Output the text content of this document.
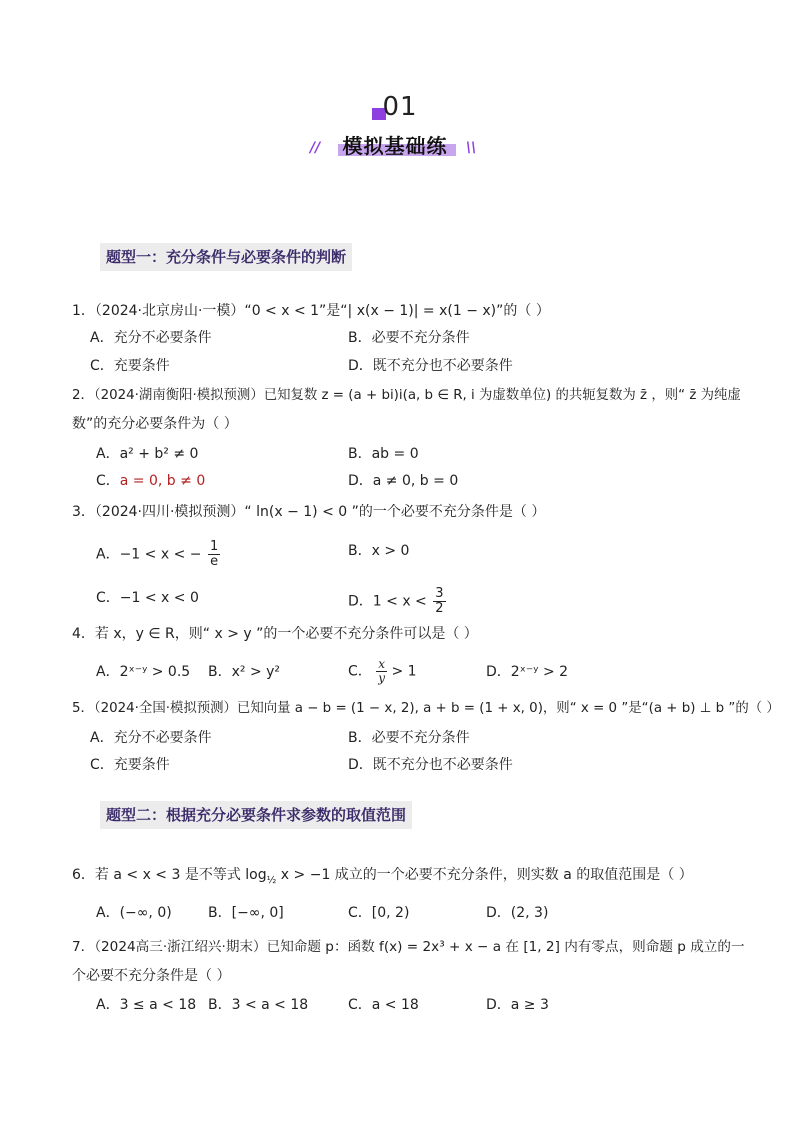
01
//	模拟基础练	\\
题型一：充分条件与必要条件的判断
1．（2024·北京房山·一模）“0 < x < 1”是“| x(x − 1)| = x(1 − x)”的（ ）
A．充分不必要条件	B．必要不充分条件
C．充要条件	D．既不充分也不必要条件
2．（2024·湖南衡阳·模拟预测）已知复数 z = (a + bi)i(a, b ∈ R, i 为虚数单位) 的共轭复数为 z̄ ，则“ z̄ 为纯虚
数”的充分必要条件为（ ）
A．a² + b² ≠ 0	B．ab = 0
C．a = 0, b ≠ 0	D．a ≠ 0, b = 0
3．（2024·四川·模拟预测）“ ln(x − 1) < 0 ”的一个必要不充分条件是（ ）
A．−1 < x < − $\frac{1}{e}$	B．x > 0
C．−1 < x < 0	D．$1 < x < \frac{3}{2}$
4．若 x，y ∈ R，则“ x > y ”的一个必要不充分条件可以是（ ）
A．2ˣ⁻ʸ > 0.5 B．x² > y²	C． $\frac{x}{y} > 1$	D．2ˣ⁻ʸ > 2
5．（2024·全国·模拟预测）已知向量 a − b = (1 − x, 2), a + b = (1 + x, 0)，则“ x = 0 ”是“(a + b) ⊥ b ”的（ ）
A．充分不必要条件	B．必要不充分条件
C．充要条件	D．既不充分也不必要条件
题型二：根据充分必要条件求参数的取值范围
6．若 a < x < 3 是不等式 $\log_{\frac{1}{2}} x > -1$ 成立的一个必要不充分条件，则实数 a 的取值范围是（ ）
A．(−∞, 0)	B．[−∞, 0]	C．[0, 2)	D．(2, 3)
7．（2024高三·浙江绍兴·期末）已知命题 p：函数 f(x) = 2x³ + x − a 在 [1, 2] 内有零点，则命题 p 成立的一
个必要不充分条件是（ ）
A．3 ≤ a < 18 B．3 < a < 18	C．a < 18	D．a ≥ 3
